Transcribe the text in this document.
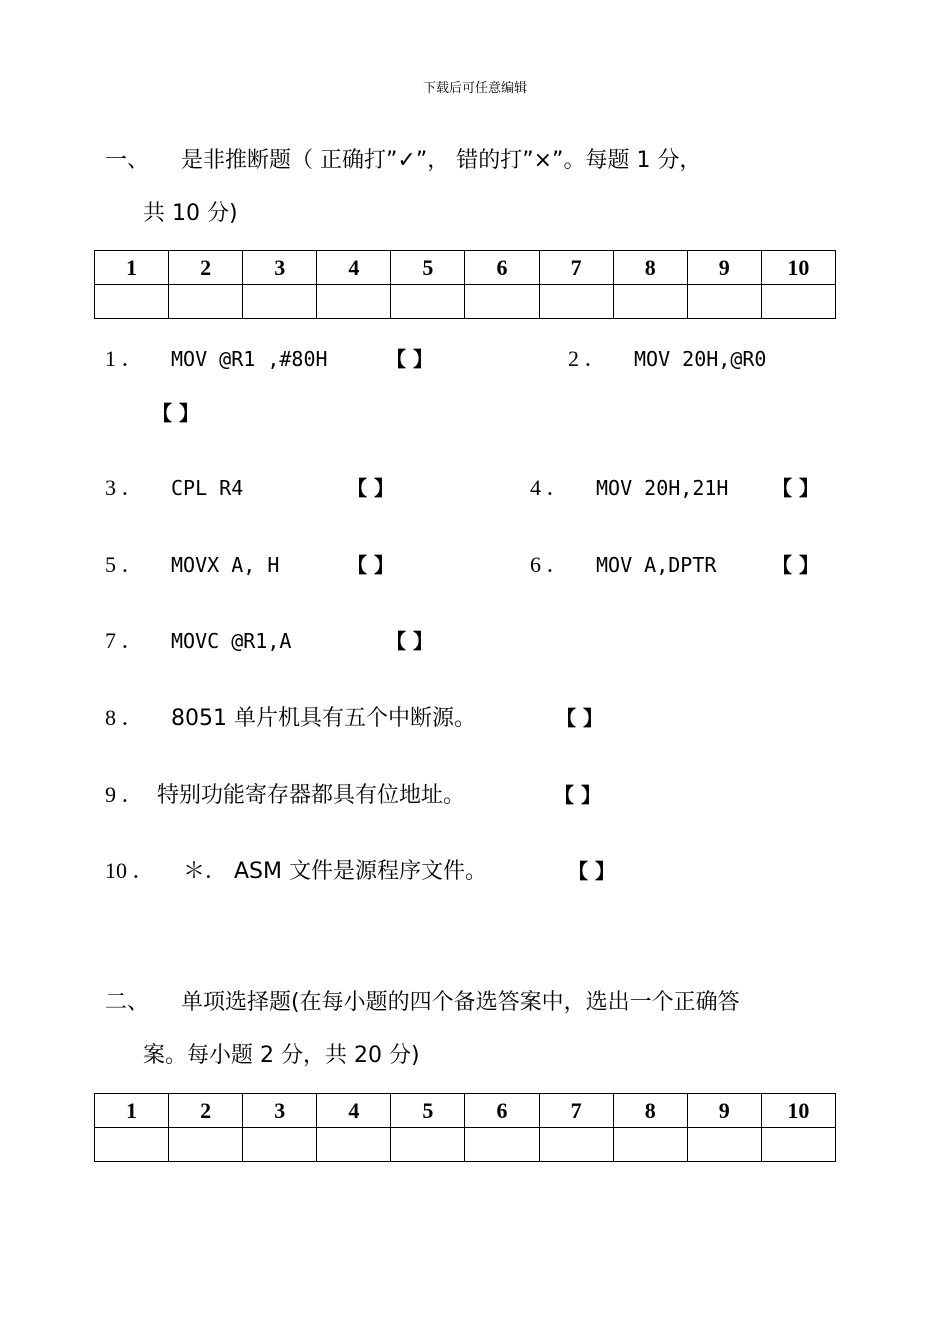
下载后可任意编辑
一、 是非推断题（ 正确打”✓”， 错的打”×”。每题 1 分，
共 10 分)
1	2	3	4	5	6	7	8	9	10

1 ． MOV @R1 ,#80H	【 】	2 ． MOV 20H,@R0
【 】
3 ． CPL R4	【 】	4 ． MOV 20H,21H 【 】
5 ． MOVX A, H	【 】	6 ． MOV A,DPTR	【 】
7 ． MOVC @R1,A	【 】
8 ． 8051 单片机具有五个中断源。	【 】
9 ． 特别功能寄存器都具有位地址。	【 】
10 ． ＊． ASM 文件是源程序文件。	【 】
二、 单项选择题(在每小题的四个备选答案中，选出一个正确答
案。每小题 2 分，共 20 分)
1	2	3	4	5	6	7	8	9	10
